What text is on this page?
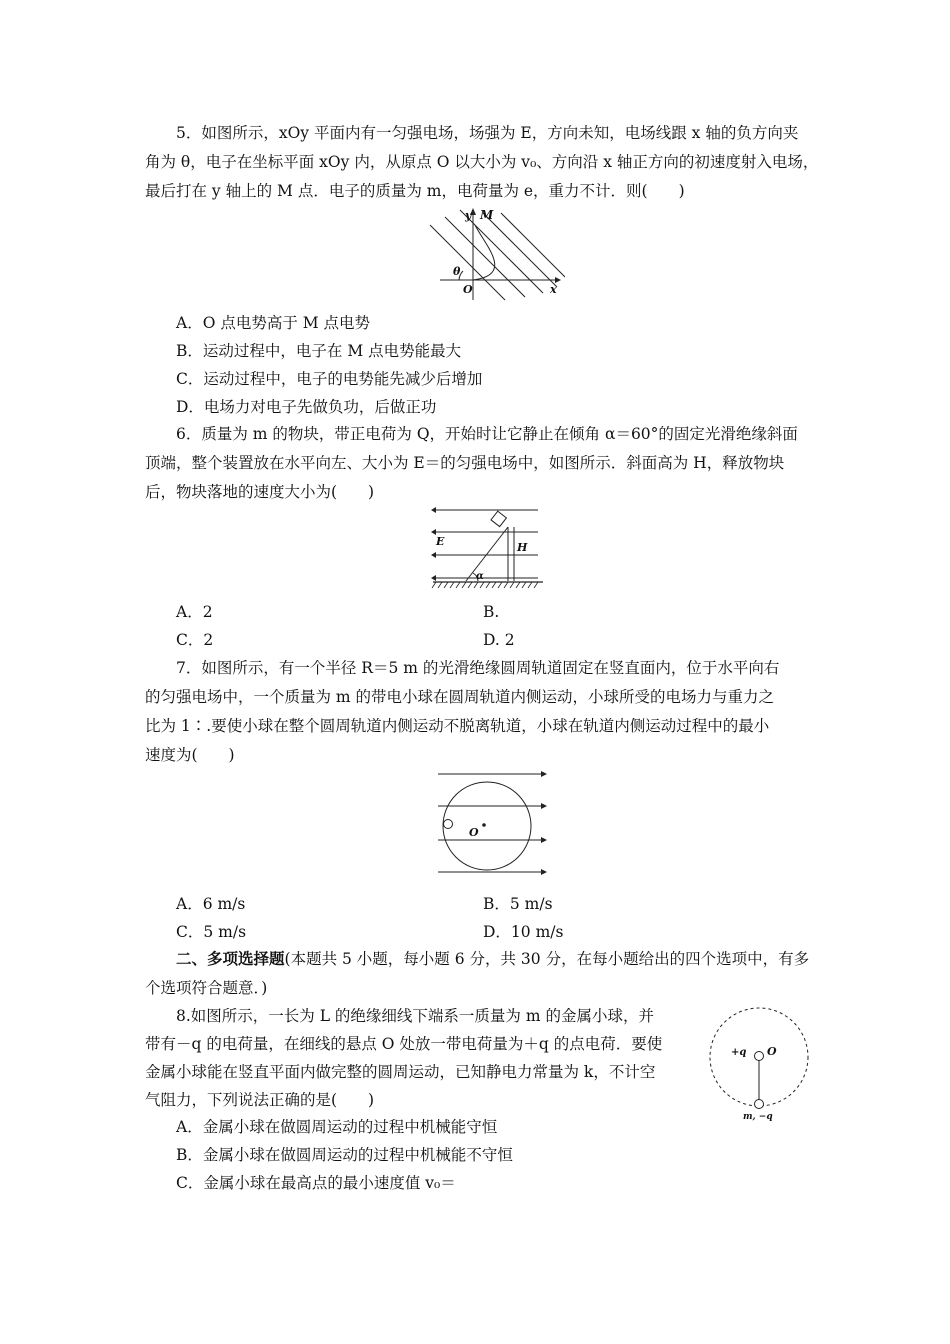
5．如图所示，xOy 平面内有一匀强电场，场强为 E，方向未知，电场线跟 x 轴的负方向夹
角为 θ，电子在坐标平面 xOy 内，从原点 O 以大小为 v₀、方向沿 x 轴正方向的初速度射入电场，
最后打在 y 轴上的 M 点．电子的质量为 m，电荷量为 e，重力不计．则(　　)
y M
θ
O	x
A．O 点电势高于 M 点电势
B．运动过程中，电子在 M 点电势能最大
C．运动过程中，电子的电势能先减少后增加
D．电场力对电子先做负功，后做正功
6．质量为 m 的物块，带正电荷为 Q，开始时让它静止在倾角 α＝60°的固定光滑绝缘斜面
顶端，整个装置放在水平向左、大小为 E＝的匀强电场中，如图所示．斜面高为 H，释放物块
后，物块落地的速度大小为(　　)
E	H
α
A．2	B.
C．2	D. 2
7．如图所示，有一个半径 R＝5 m 的光滑绝缘圆周轨道固定在竖直面内，位于水平向右
的匀强电场中，一个质量为 m 的带电小球在圆周轨道内侧运动，小球所受的电场力与重力之
比为 1∶.要使小球在整个圆周轨道内侧运动不脱离轨道，小球在轨道内侧运动过程中的最小
速度为(　　)
O
A．6 m/s	B．5 m/s
C．5 m/s	D．10 m/s
二、多项选择题(本题共 5 小题，每小题 6 分，共 30 分，在每小题给出的四个选项中，有多
个选项符合题意．)
8.如图所示，一长为 L 的绝缘细线下端系一质量为 m 的金属小球，并
带有－q 的电荷量，在细线的悬点 O 处放一带电荷量为＋q 的点电荷．要使
金属小球能在竖直平面内做完整的圆周运动，已知静电力常量为 k，不计空
气阻力，下列说法正确的是(　　)
+q O
m, −q
A．金属小球在做圆周运动的过程中机械能守恒
B．金属小球在做圆周运动的过程中机械能不守恒
C．金属小球在最高点的最小速度值 v₀＝
